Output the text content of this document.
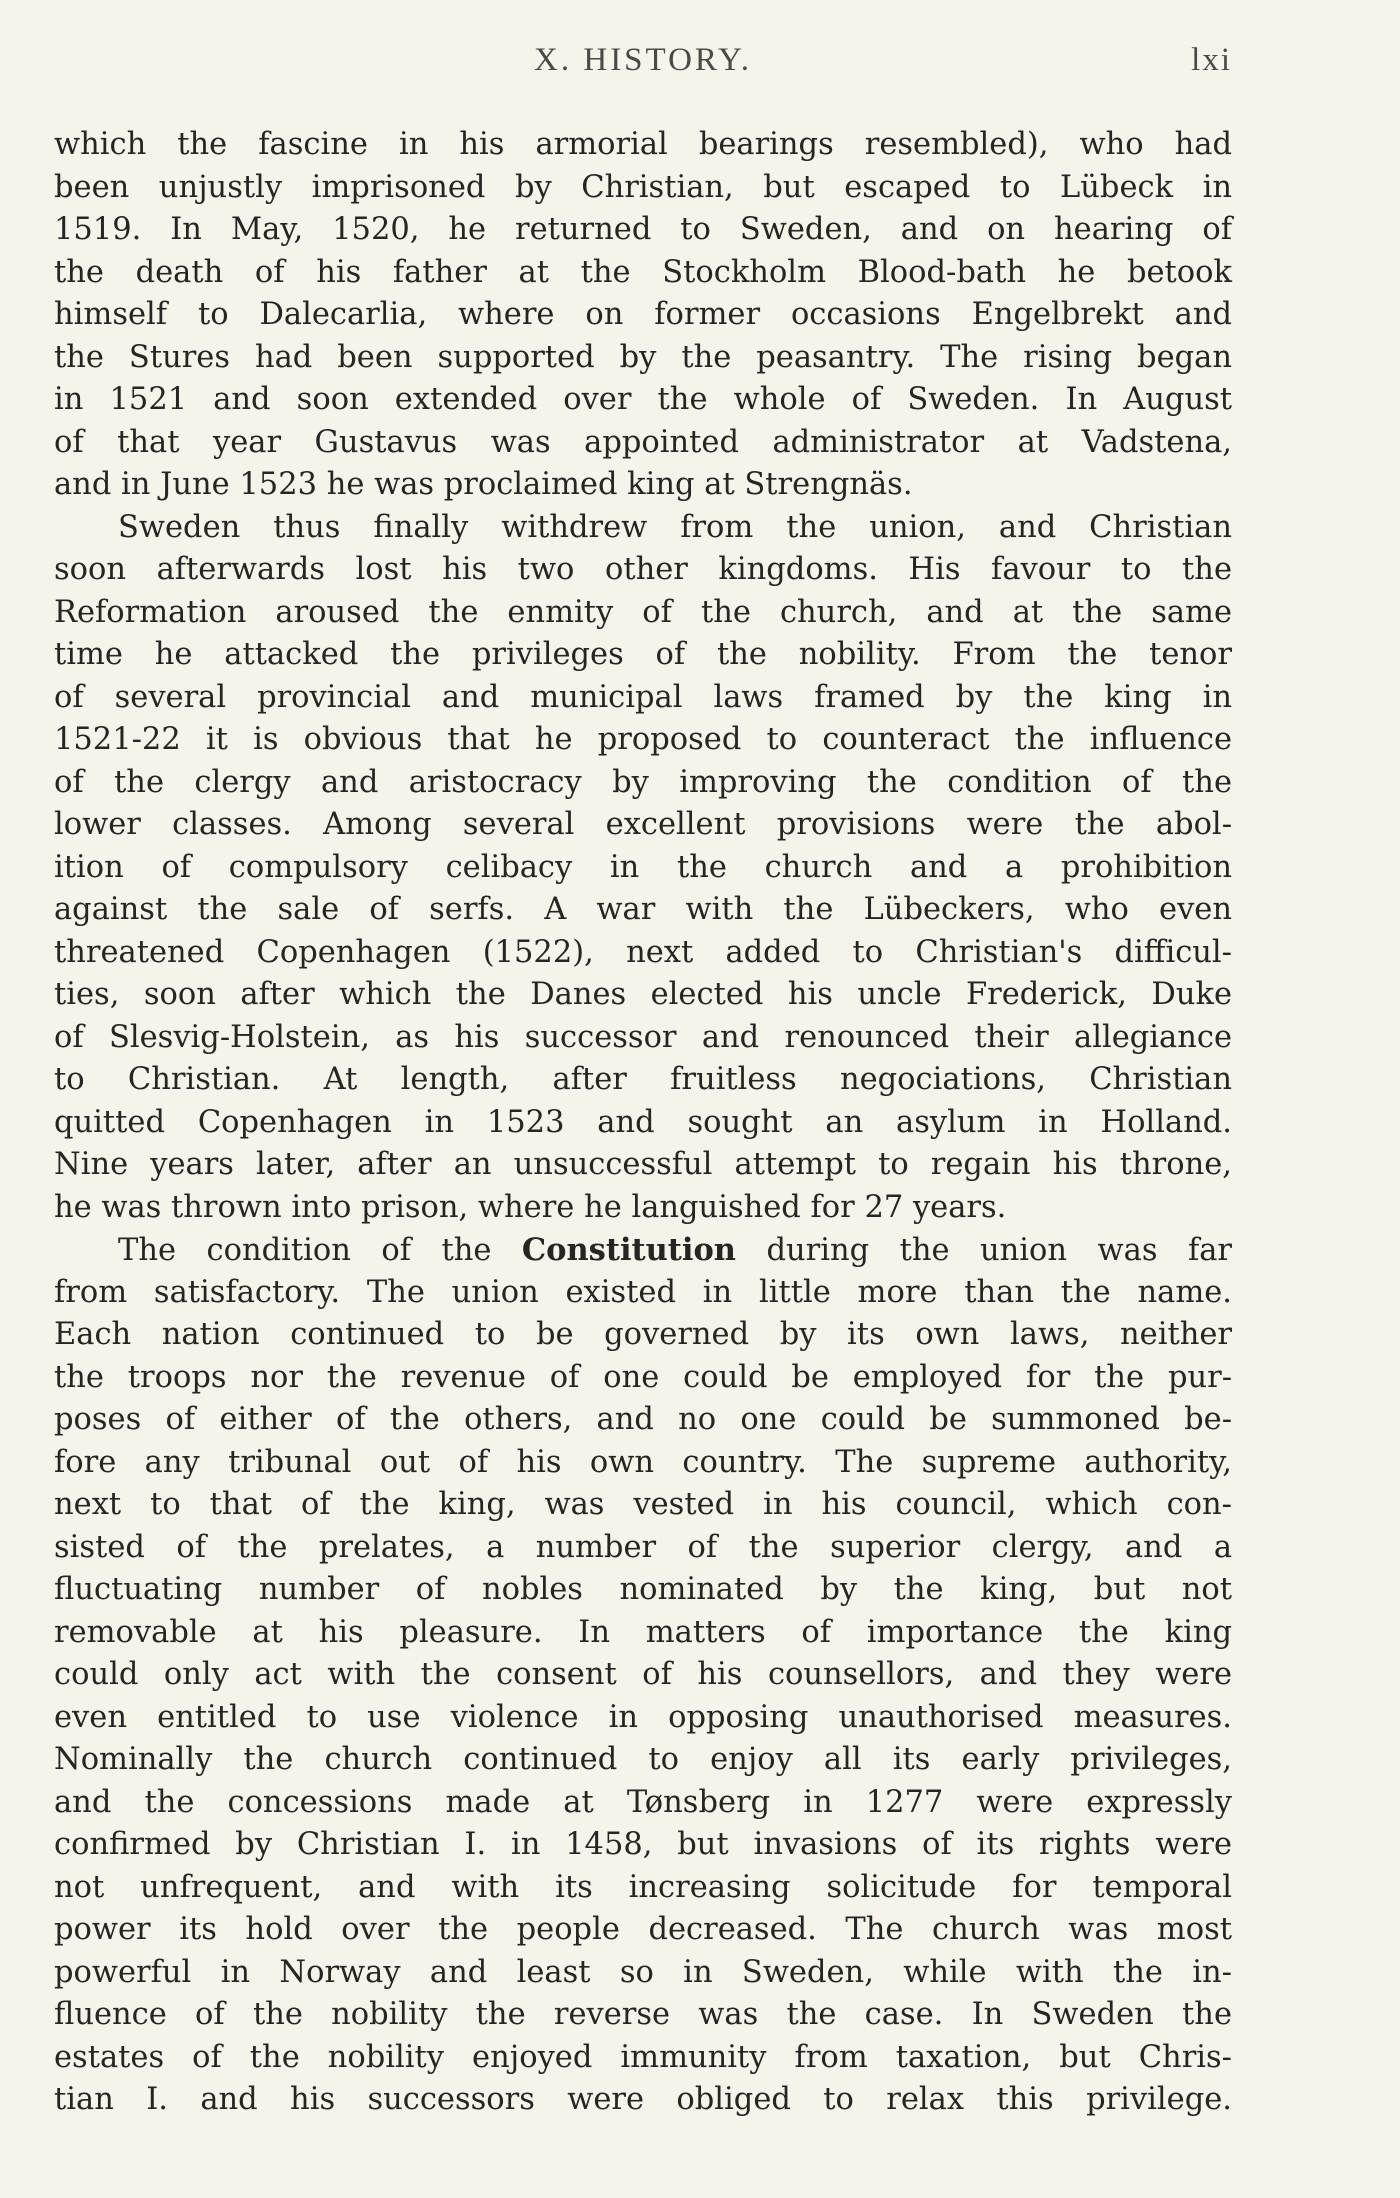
X. HISTORY.	lxi
which the fascine in his armorial bearings resembled), who had
been unjustly imprisoned by Christian, but escaped to Lübeck in
1519. In May, 1520, he returned to Sweden, and on hearing of
the death of his father at the Stockholm Blood-bath he betook
himself to Dalecarlia, where on former occasions Engelbrekt and
the Stures had been supported by the peasantry. The rising began
in 1521 and soon extended over the whole of Sweden. In August
of that year Gustavus was appointed administrator at Vadstena,
and in June 1523 he was proclaimed king at Strengnäs.
Sweden thus finally withdrew from the union, and Christian
soon afterwards lost his two other kingdoms. His favour to the
Reformation aroused the enmity of the church, and at the same
time he attacked the privileges of the nobility. From the tenor
of several provincial and municipal laws framed by the king in
1521-22 it is obvious that he proposed to counteract the influence
of the clergy and aristocracy by improving the condition of the
lower classes. Among several excellent provisions were the abol-
ition of compulsory celibacy in the church and a prohibition
against the sale of serfs. A war with the Lübeckers, who even
threatened Copenhagen (1522), next added to Christian's difficul-
ties, soon after which the Danes elected his uncle Frederick, Duke
of Slesvig-Holstein, as his successor and renounced their allegiance
to Christian. At length, after fruitless negociations, Christian
quitted Copenhagen in 1523 and sought an asylum in Holland.
Nine years later, after an unsuccessful attempt to regain his throne,
he was thrown into prison, where he languished for 27 years.
The condition of the Constitution during the union was far
from satisfactory. The union existed in little more than the name.
Each nation continued to be governed by its own laws, neither
the troops nor the revenue of one could be employed for the pur-
poses of either of the others, and no one could be summoned be-
fore any tribunal out of his own country. The supreme authority,
next to that of the king, was vested in his council, which con-
sisted of the prelates, a number of the superior clergy, and a
fluctuating number of nobles nominated by the king, but not
removable at his pleasure. In matters of importance the king
could only act with the consent of his counsellors, and they were
even entitled to use violence in opposing unauthorised measures.
Nominally the church continued to enjoy all its early privileges,
and the concessions made at Tønsberg in 1277 were expressly
confirmed by Christian I. in 1458, but invasions of its rights were
not unfrequent, and with its increasing solicitude for temporal
power its hold over the people decreased. The church was most
powerful in Norway and least so in Sweden, while with the in-
fluence of the nobility the reverse was the case. In Sweden the
estates of the nobility enjoyed immunity from taxation, but Chris-
tian I. and his successors were obliged to relax this privilege.
